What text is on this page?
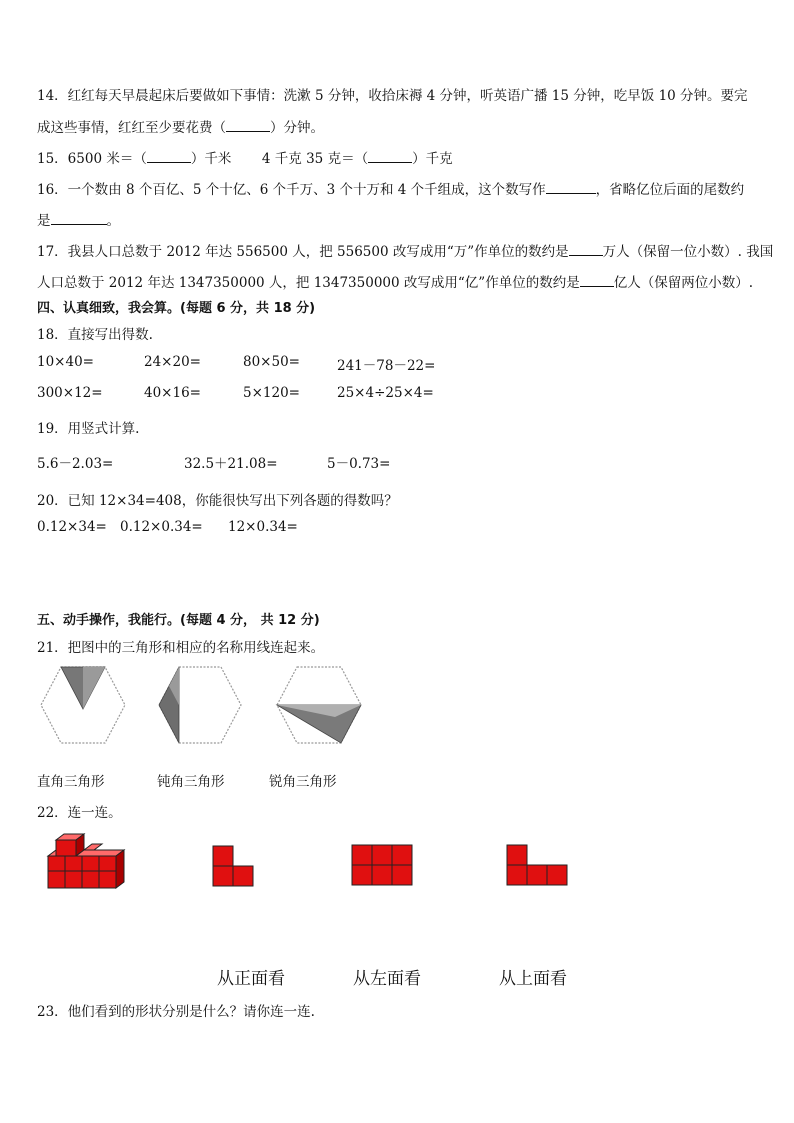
14．红红每天早晨起床后要做如下事情：洗漱 5 分钟，收拾床褥 4 分钟，听英语广播 15 分钟，吃早饭 10 分钟。要完
成这些事情，红红至少要花费（	）分钟。
15．6500 米＝（	）千米 4 千克 35 克＝（	）千克
16．一个数由 8 个百亿、5 个十亿、6 个千万、3 个十万和 4 个千组成，这个数写作	，省略亿位后面的尾数约
是	。
17．我县人口总数于 2012 年达 556500 人，把 556500 改写成用“万”作单位的数约是	万人（保留一位小数）. 我国
人口总数于 2012 年达 1347350000 人，把 1347350000 改写成用“亿”作单位的数约是	亿人（保留两位小数）.
四、认真细致，我会算。(每题 6 分，共 18 分)
18．直接写出得数.
10×40=	24×20=	80×50=	241－78－22=
300×12=	40×16=	5×120=	25×4÷25×4=
19．用竖式计算.
5.6－2.03=	32.5＋21.08=	5－0.73=
20．已知 12×34=408，你能很快写出下列各题的得数吗？
0.12×34= 0.12×0.34= 12×0.34=
五、动手操作，我能行。(每题 4 分， 共 12 分)
21．把图中的三角形和相应的名称用线连起来。
直角三角形	钝角三角形	锐角三角形
22．连一连。
从正面看	从左面看	从上面看
23．他们看到的形状分别是什么？请你连一连.
